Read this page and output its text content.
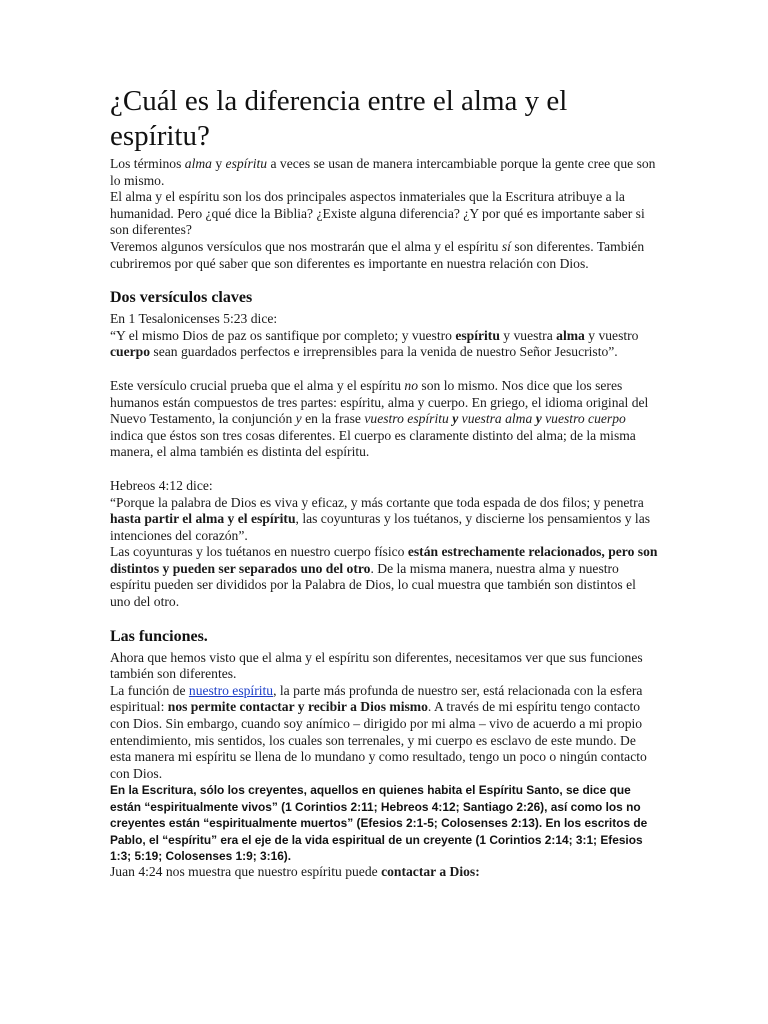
¿Cuál es la diferencia entre el alma y el espíritu?

Los términos alma y espíritu a veces se usan de manera intercambiable porque la gente cree que son lo mismo.

El alma y el espíritu son los dos principales aspectos inmateriales que la Escritura atribuye a la humanidad. Pero ¿qué dice la Biblia? ¿Existe alguna diferencia? ¿Y por qué es importante saber si son diferentes?

Veremos algunos versículos que nos mostrarán que el alma y el espíritu sí son diferentes. También cubriremos por qué saber que son diferentes es importante en nuestra relación con Dios.

Dos versículos claves

En 1 Tesalonicenses 5:23 dice:

“Y el mismo Dios de paz os santifique por completo; y vuestro espíritu y vuestra alma y vuestro cuerpo sean guardados perfectos e irreprensibles para la venida de nuestro Señor Jesucristo”.

Este versículo crucial prueba que el alma y el espíritu no son lo mismo. Nos dice que los seres humanos están compuestos de tres partes: espíritu, alma y cuerpo. En griego, el idioma original del Nuevo Testamento, la conjunción y en la frase vuestro espíritu y vuestra alma y vuestro cuerpo indica que éstos son tres cosas diferentes. El cuerpo es claramente distinto del alma; de la misma manera, el alma también es distinta del espíritu.

Hebreos 4:12 dice:

“Porque la palabra de Dios es viva y eficaz, y más cortante que toda espada de dos filos; y penetra hasta partir el alma y el espíritu, las coyunturas y los tuétanos, y discierne los pensamientos y las intenciones del corazón”.

Las coyunturas y los tuétanos en nuestro cuerpo físico están estrechamente relacionados, pero son distintos y pueden ser separados uno del otro. De la misma manera, nuestra alma y nuestro espíritu pueden ser divididos por la Palabra de Dios, lo cual muestra que también son distintos el uno del otro.

Las funciones.

Ahora que hemos visto que el alma y el espíritu son diferentes, necesitamos ver que sus funciones también son diferentes.

La función de nuestro espíritu, la parte más profunda de nuestro ser, está relacionada con la esfera espiritual: nos permite contactar y recibir a Dios mismo. A través de mi espíritu tengo contacto con Dios. Sin embargo, cuando soy anímico – dirigido por mi alma – vivo de acuerdo a mi propio entendimiento, mis sentidos, los cuales son terrenales, y mi cuerpo es esclavo de este mundo. De esta manera mi espíritu se llena de lo mundano y como resultado, tengo un poco o ningún contacto con Dios.

En la Escritura, sólo los creyentes, aquellos en quienes habita el Espíritu Santo, se dice que están “espiritualmente vivos” (1 Corintios 2:11; Hebreos 4:12; Santiago 2:26), así como los no creyentes están “espiritualmente muertos” (Efesios 2:1-5; Colosenses 2:13). En los escritos de Pablo, el “espíritu” era el eje de la vida espiritual de un creyente (1 Corintios 2:14; 3:1; Efesios 1:3; 5:19; Colosenses 1:9; 3:16).

Juan 4:24 nos muestra que nuestro espíritu puede contactar a Dios:
